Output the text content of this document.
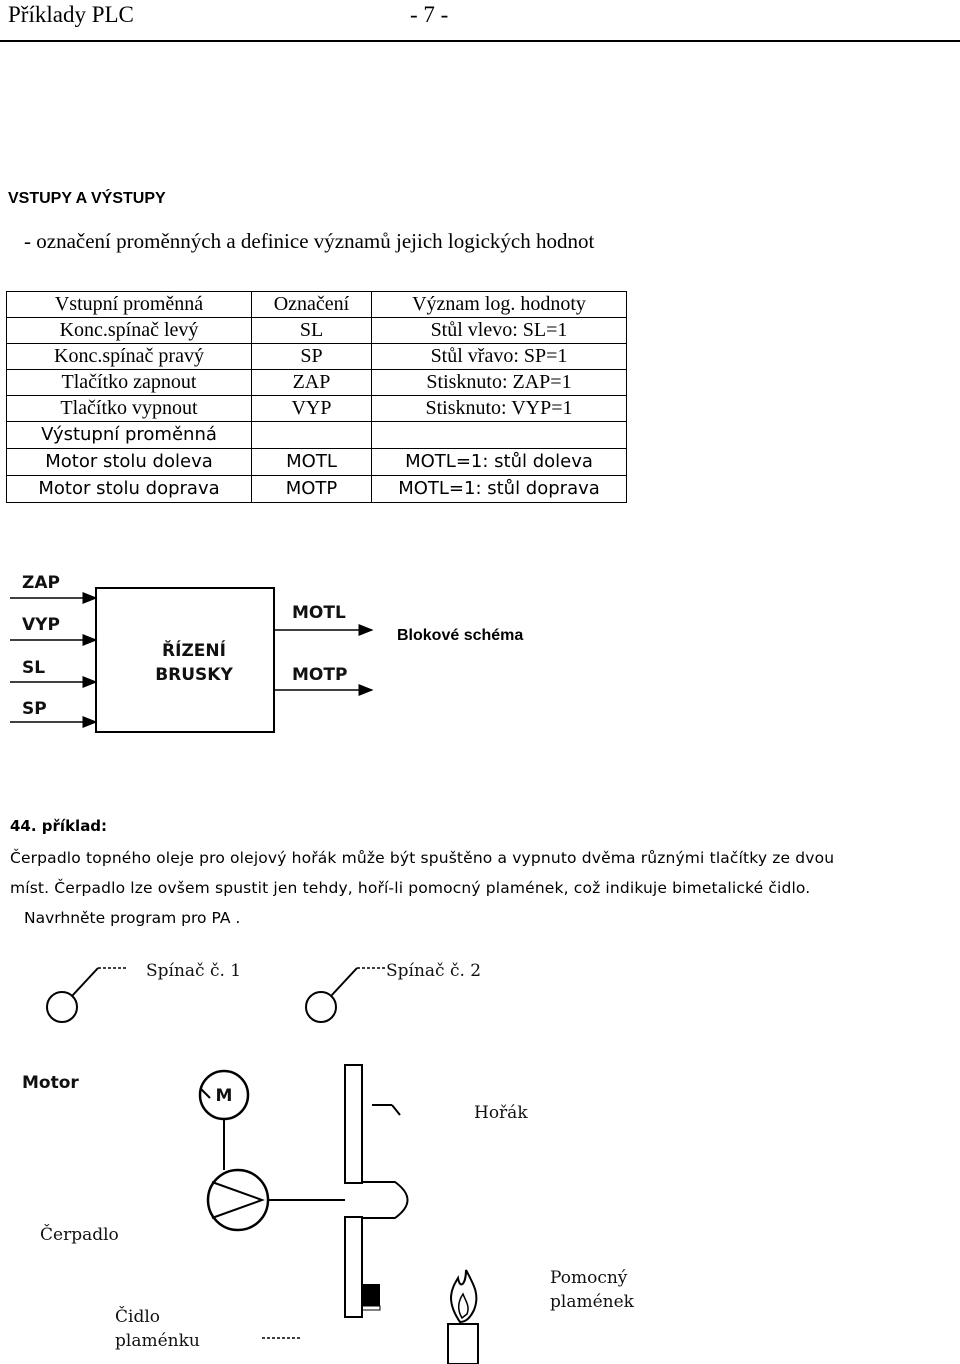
Příklady PLC	- 7 -
VSTUPY A VÝSTUPY
- označení proměnných a definice významů jejich logických hodnot
Vstupní proměnná	Označení	Význam log. hodnoty
Konc.spínač levý	SL	Stůl vlevo: SL=1
Konc.spínač pravý	SP	Stůl vřavo: SP=1
Tlačítko zapnout	ZAP	Stisknuto: ZAP=1
Tlačítko vypnout	VYP	Stisknuto: VYP=1
Výstupní proměnná		
Motor stolu doleva	MOTL	MOTL=1: stůl doleva
Motor stolu doprava	MOTP	MOTL=1: stůl doprava
ZAP
VYP
SL
SP
ŘÍZENÍ
BRUSKY
MOTL
MOTP
Blokové schéma
44. příklad:
Čerpadlo topného oleje pro olejový hořák může být spuštěno a vypnuto dvěma různými tlačítky ze dvou
míst. Čerpadlo lze ovšem spustit jen tehdy, hoří-li pomocný plamének, což indikuje bimetalické čidlo.
Navrhněte program pro PA .
Spínač č. 1	Spínač č. 2
Motor
M
Hořák
Čerpadlo
Čidlo
plaménku
Pomocný
plamének
